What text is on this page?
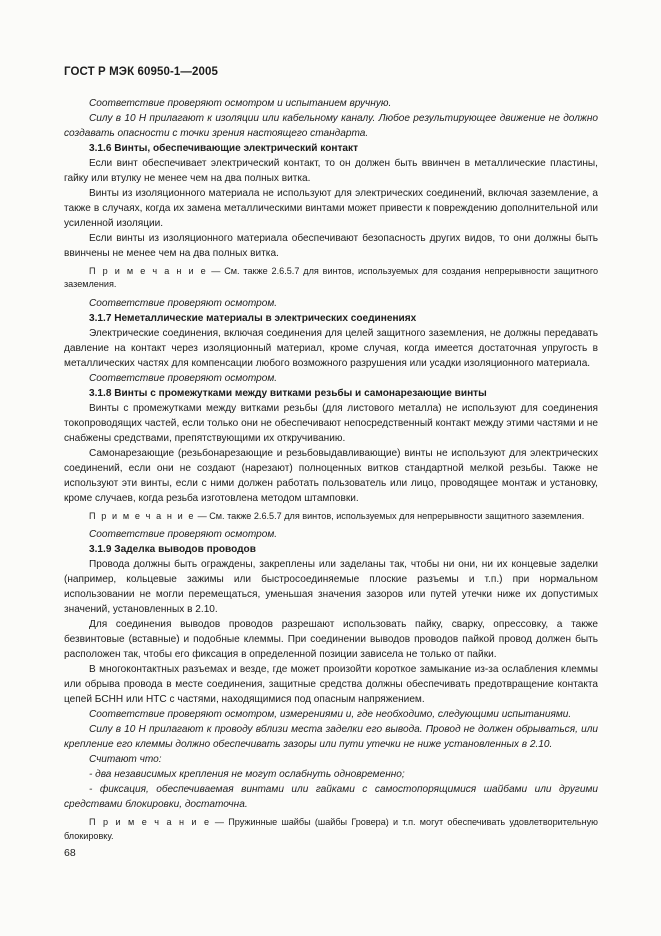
ГОСТ Р МЭК 60950-1—2005

Соответствие проверяют осмотром и испытанием вручную.

Силу в 10 Н прилагают к изоляции или кабельному каналу. Любое результирующее движение не должно создавать опасности с точки зрения настоящего стандарта.

3.1.6 Винты, обеспечивающие электрический контакт

Если винт обеспечивает электрический контакт, то он должен быть ввинчен в металлические пластины, гайку или втулку не менее чем на два полных витка.

Винты из изоляционного материала не используют для электрических соединений, включая заземление, а также в случаях, когда их замена металлическими винтами может привести к повреждению дополнительной или усиленной изоляции.

Если винты из изоляционного материала обеспечивают безопасность других видов, то они должны быть ввинчены не менее чем на два полных витка.

П р и м е ч а н и е — См. также 2.6.5.7 для винтов, используемых для создания непрерывности защитного заземления.

Соответствие проверяют осмотром.

3.1.7 Неметаллические материалы в электрических соединениях

Электрические соединения, включая соединения для целей защитного заземления, не должны передавать давление на контакт через изоляционный материал, кроме случая, когда имеется достаточная упругость в металлических частях для компенсации любого возможного разрушения или усадки изоляционного материала.

Соответствие проверяют осмотром.

3.1.8 Винты с промежутками между витками резьбы и самонарезающие винты

Винты с промежутками между витками резьбы (для листового металла) не используют для соединения токопроводящих частей, если только они не обеспечивают непосредственный контакт между этими частями и не снабжены средствами, препятствующими их откручиванию.

Самонарезающие (резьбонарезающие и резьбовыдавливающие) винты не используют для электрических соединений, если они не создают (нарезают) полноценных витков стандартной мелкой резьбы. Также не используют эти винты, если с ними должен работать пользователь или лицо, проводящее монтаж и установку, кроме случаев, когда резьба изготовлена методом штамповки.

П р и м е ч а н и е — См. также 2.6.5.7 для винтов, используемых для непрерывности защитного заземления.

Соответствие проверяют осмотром.

3.1.9 Заделка выводов проводов

Провода должны быть ограждены, закреплены или заделаны так, чтобы ни они, ни их концевые заделки (например, кольцевые зажимы или быстросоединяемые плоские разъемы и т.п.) при нормальном использовании не могли перемещаться, уменьшая значения зазоров или путей утечки ниже их допустимых значений, установленных в 2.10.

Для соединения выводов проводов разрешают использовать пайку, сварку, опрессовку, а также безвинтовые (вставные) и подобные клеммы. При соединении выводов проводов пайкой провод должен быть расположен так, чтобы его фиксация в определенной позиции зависела не только от пайки.

В многоконтактных разъемах и везде, где может произойти короткое замыкание из-за ослабления клеммы или обрыва провода в месте соединения, защитные средства должны обеспечивать предотвращение контакта цепей БСНН или НТС с частями, находящимися под опасным напряжением.

Соответствие проверяют осмотром, измерениями и, где необходимо, следующими испытаниями.

Силу в 10 Н прилагают к проводу вблизи места заделки его вывода. Провод не должен обрываться, или крепление его клеммы должно обеспечивать зазоры или пути утечки не ниже установленных в 2.10.

Считают что:

- два независимых крепления не могут ослабнуть одновременно;

- фиксация, обеспечиваемая винтами или гайками с самостопорящимися шайбами или другими средствами блокировки, достаточна.

П р и м е ч а н и е — Пружинные шайбы (шайбы Гровера) и т.п. могут обеспечивать удовлетворительную блокировку.

68
